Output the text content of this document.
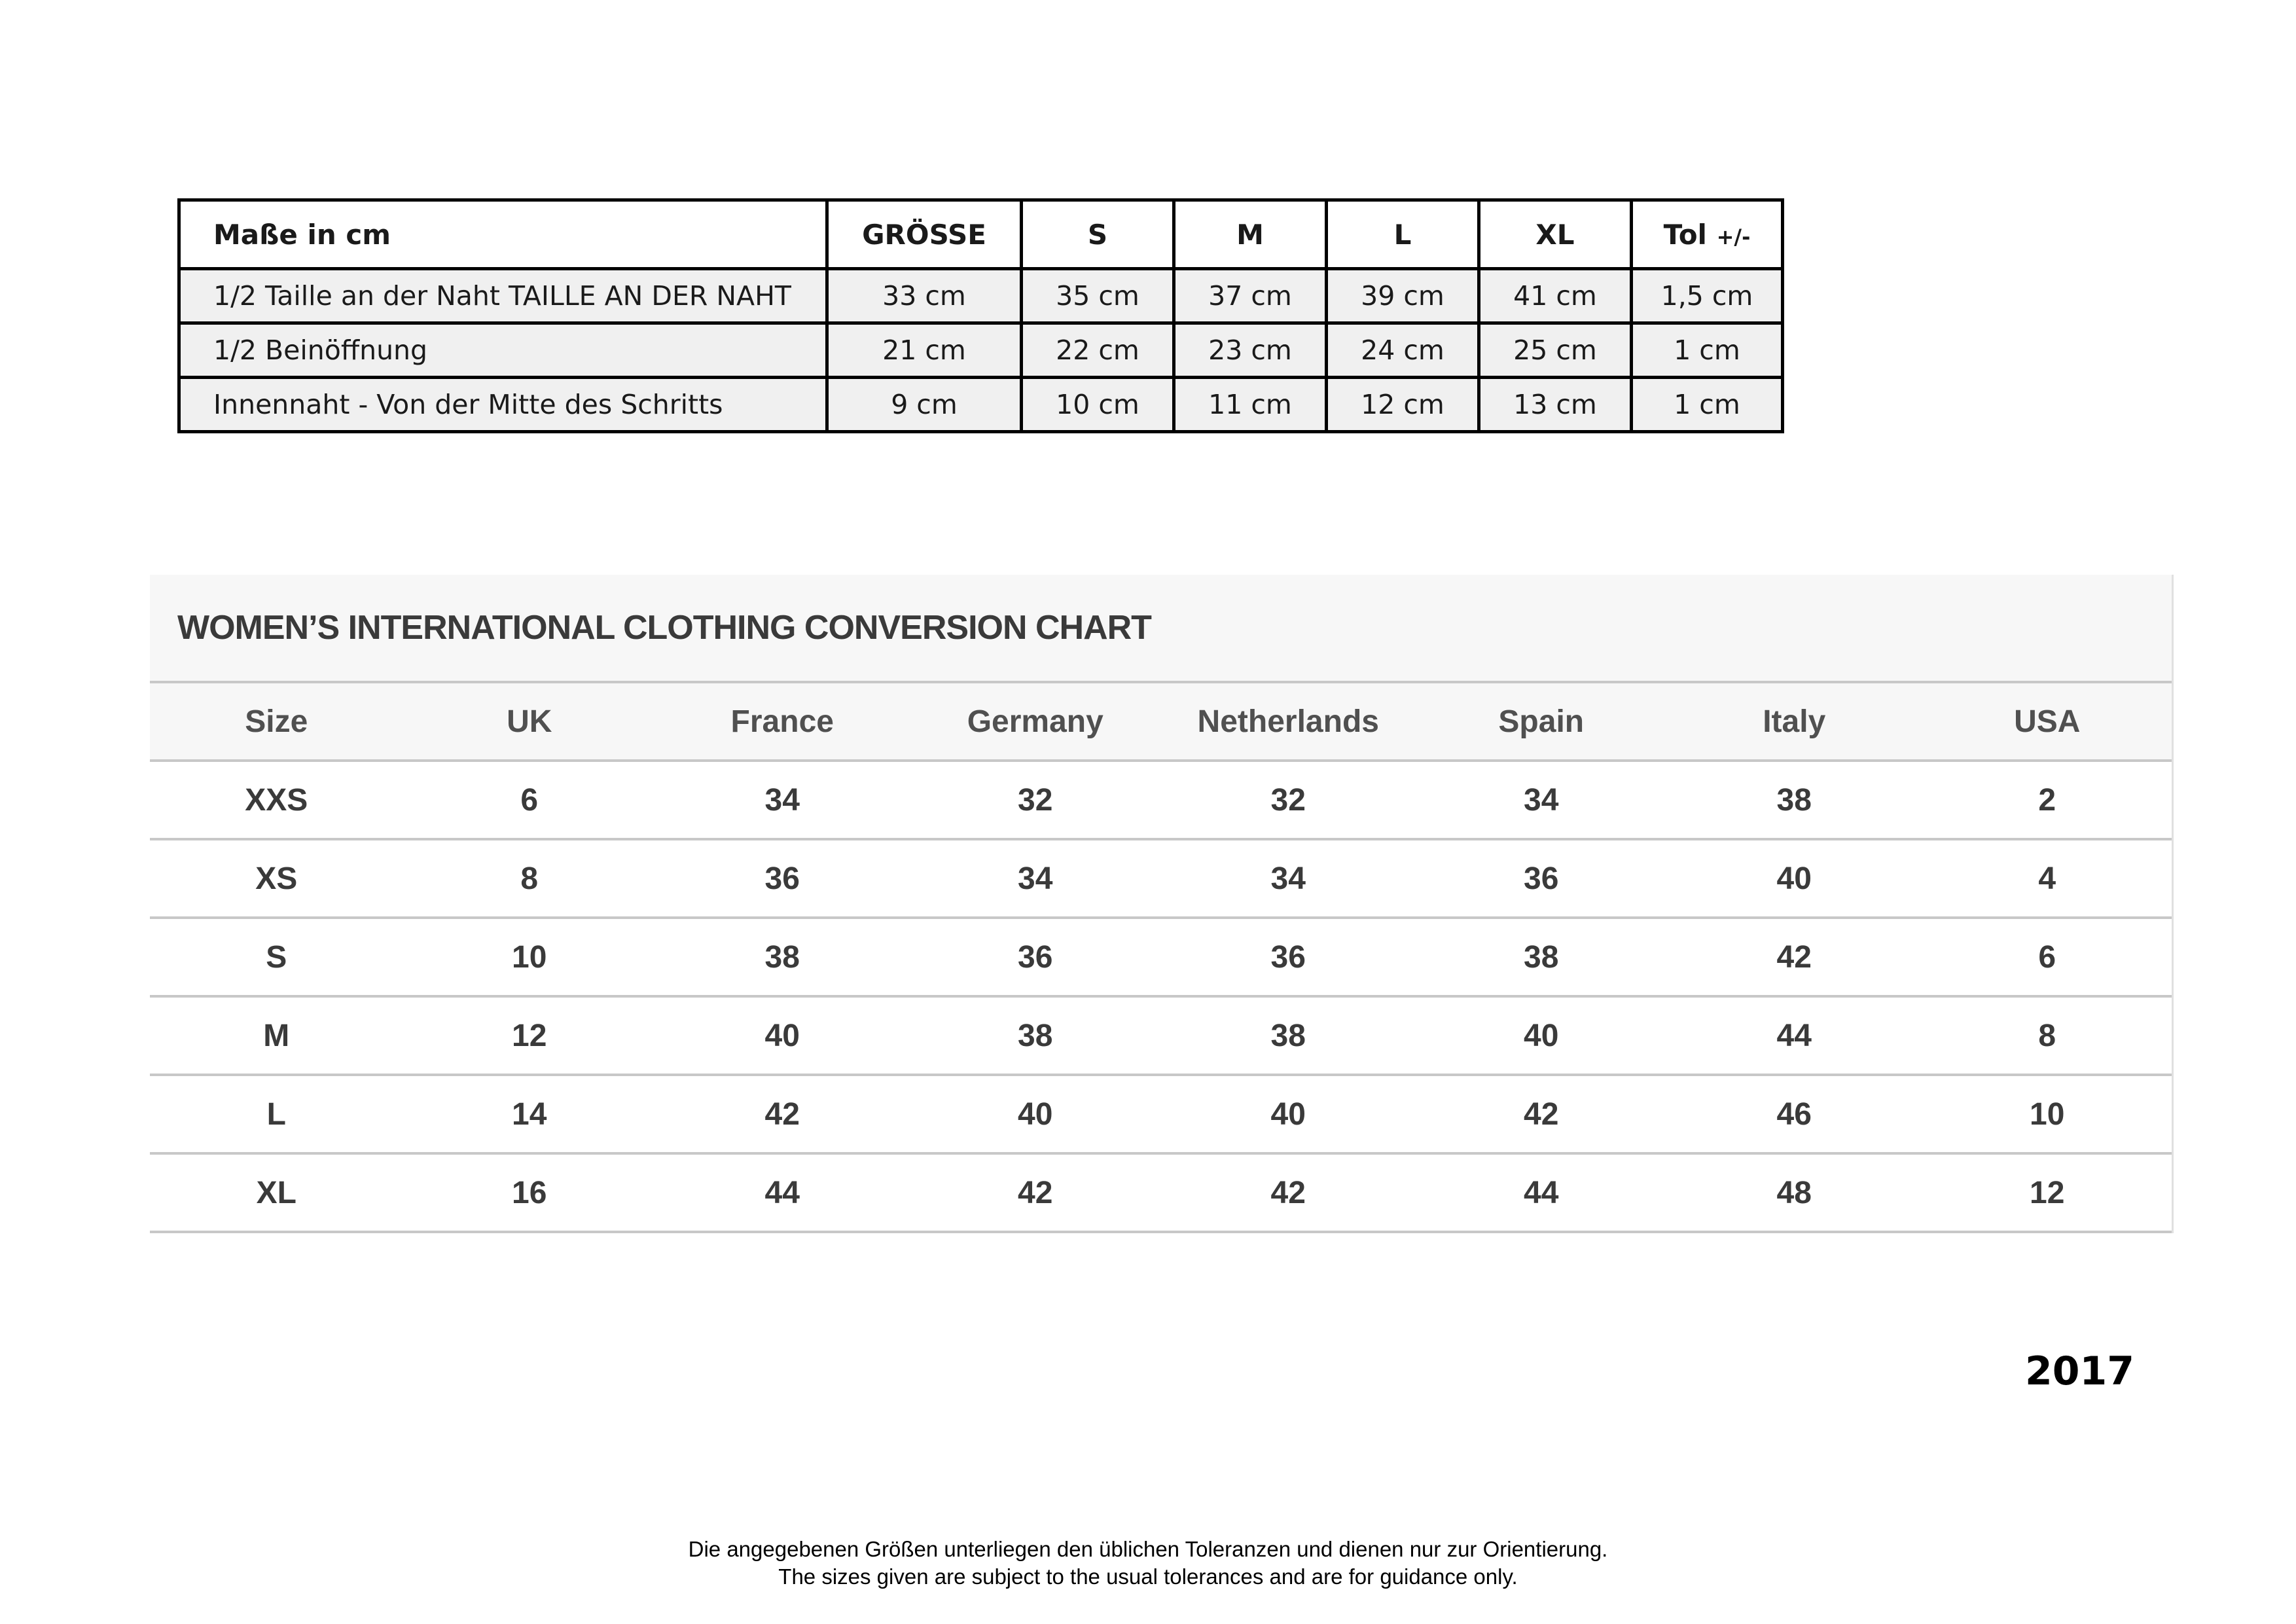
Maße in cm	GRÖSSE	S	M	L	XL	Tol +/-
1/2 Taille an der Naht TAILLE AN DER NAHT	33 cm	35 cm	37 cm	39 cm	41 cm	1,5 cm
1/2 Beinöffnung	21 cm	22 cm	23 cm	24 cm	25 cm	1 cm
Innennaht - Von der Mitte des Schritts	9 cm	10 cm	11 cm	12 cm	13 cm	1 cm
WOMEN’S INTERNATIONAL CLOTHING CONVERSION CHART
Size	UK	France	Germany	Netherlands	Spain	Italy	USA
XXS	6	34	32	32	34	38	2
XS	8	36	34	34	36	40	4
S	10	38	36	36	38	42	6
M	12	40	38	38	40	44	8
L	14	42	40	40	42	46	10
XL	16	44	42	42	44	48	12
2017
Die angegebenen Größen unterliegen den üblichen Toleranzen und dienen nur zur Orientierung.
The sizes given are subject to the usual tolerances and are for guidance only.
